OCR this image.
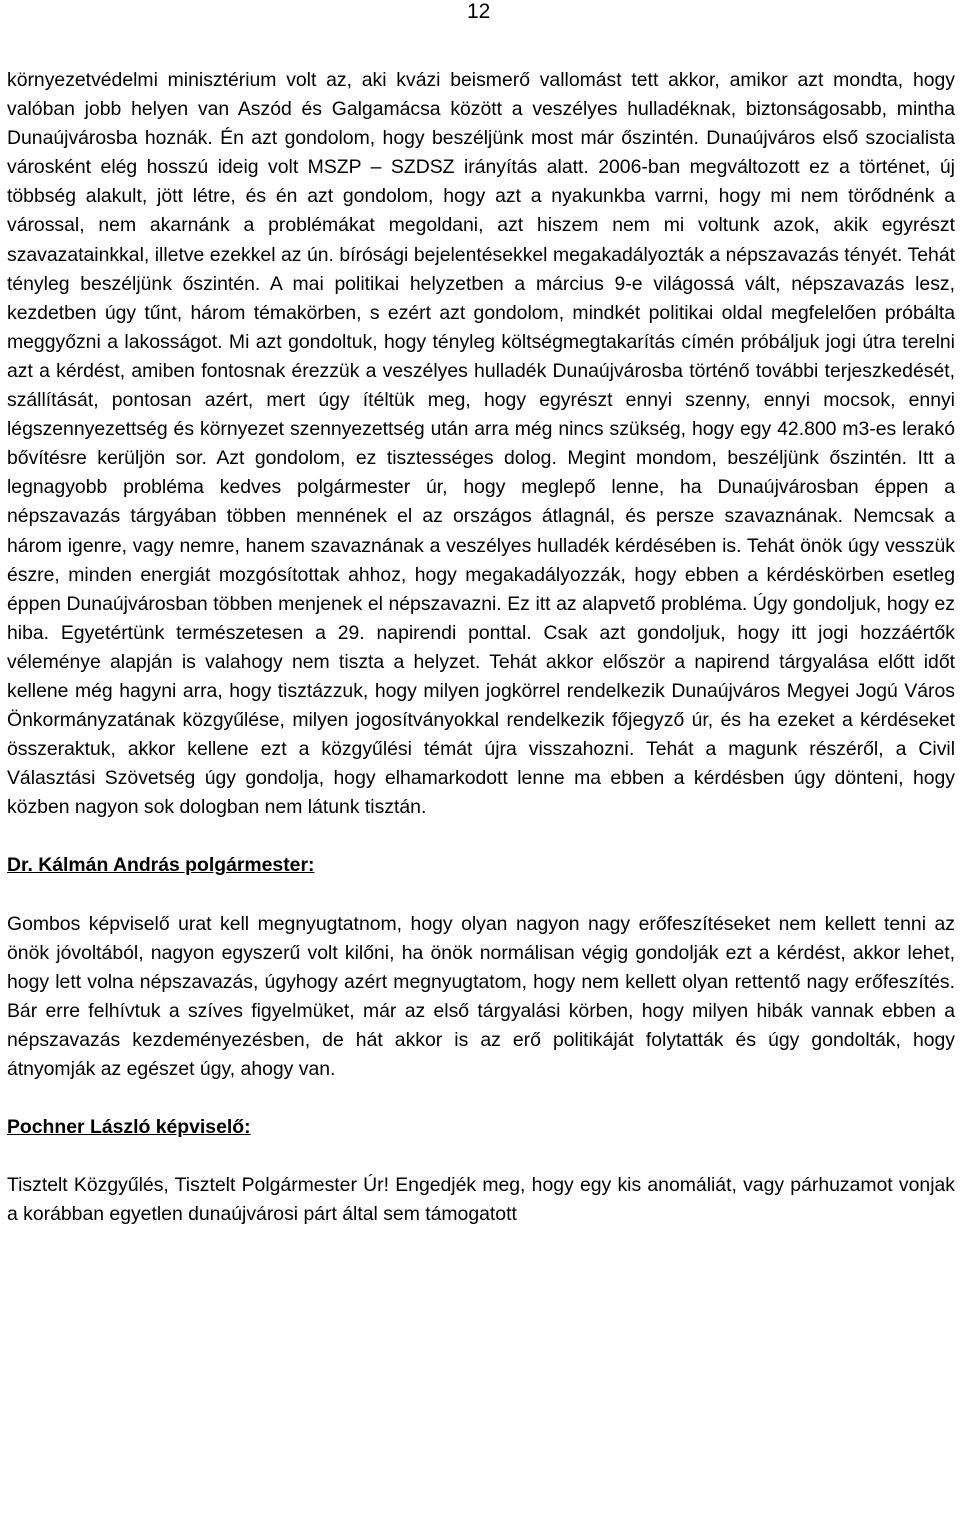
12

környezetvédelmi minisztérium volt az, aki kvázi beismerő vallomást tett akkor, amikor azt mondta, hogy valóban jobb helyen van Aszód és Galgamácsa között a veszélyes hulladéknak, biztonságosabb, mintha Dunaújvárosba hoznák. Én azt gondolom, hogy beszéljünk most már őszintén. Dunaújváros első szocialista városként elég hosszú ideig volt MSZP – SZDSZ irányítás alatt. 2006-ban megváltozott ez a történet, új többség alakult, jött létre, és én azt gondolom, hogy azt a nyakunkba varrni, hogy mi nem törődnénk a várossal, nem akarnánk a problémákat megoldani, azt hiszem nem mi voltunk azok, akik egyrészt szavazatainkkal, illetve ezekkel az ún. bírósági bejelentésekkel megakadályozták a népszavazás tényét. Tehát tényleg beszéljünk őszintén. A mai politikai helyzetben a március 9-e világossá vált, népszavazás lesz, kezdetben úgy tűnt, három témakörben, s ezért azt gondolom, mindkét politikai oldal megfelelően próbálta meggyőzni a lakosságot. Mi azt gondoltuk, hogy tényleg költségmegtakarítás címén próbáljuk jogi útra terelni azt a kérdést, amiben fontosnak érezzük a veszélyes hulladék Dunaújvárosba történő további terjeszkedését, szállítását, pontosan azért, mert úgy ítéltük meg, hogy egyrészt ennyi szenny, ennyi mocsok, ennyi légszennyezettség és környezet szennyezettség után arra még nincs szükség, hogy egy 42.800 m3-es lerakó bővítésre kerüljön sor. Azt gondolom, ez tisztességes dolog. Megint mondom, beszéljünk őszintén. Itt a legnagyobb probléma kedves polgármester úr, hogy meglepő lenne, ha Dunaújvárosban éppen a népszavazás tárgyában többen mennének el az országos átlagnál, és persze szavaznának. Nemcsak a három igenre, vagy nemre, hanem szavaznának a veszélyes hulladék kérdésében is. Tehát önök úgy vesszük észre, minden energiát mozgósítottak ahhoz, hogy megakadályozzák, hogy ebben a kérdéskörben esetleg éppen Dunaújvárosban többen menjenek el népszavazni. Ez itt az alapvető probléma. Úgy gondoljuk, hogy ez hiba. Egyetértünk természetesen a 29. napirendi ponttal. Csak azt gondoljuk, hogy itt jogi hozzáértők véleménye alapján is valahogy nem tiszta a helyzet. Tehát akkor először a napirend tárgyalása előtt időt kellene még hagyni arra, hogy tisztázzuk, hogy milyen jogkörrel rendelkezik Dunaújváros Megyei Jogú Város Önkormányzatának közgyűlése, milyen jogosítványokkal rendelkezik főjegyző úr, és ha ezeket a kérdéseket összeraktuk, akkor kellene ezt a közgyűlési témát újra visszahozni. Tehát a magunk részéről, a Civil Választási Szövetség úgy gondolja, hogy elhamarkodott lenne ma ebben a kérdésben úgy dönteni, hogy közben nagyon sok dologban nem látunk tisztán.

Dr. Kálmán András polgármester:

Gombos képviselő urat kell megnyugtatnom, hogy olyan nagyon nagy erőfeszítéseket nem kellett tenni az önök jóvoltából, nagyon egyszerű volt kilőni, ha önök normálisan végig gondolják ezt a kérdést, akkor lehet, hogy lett volna népszavazás, úgyhogy azért megnyugtatom, hogy nem kellett olyan rettentő nagy erőfeszítés. Bár erre felhívtuk a szíves figyelmüket, már az első tárgyalási körben, hogy milyen hibák vannak ebben a népszavazás kezdeményezésben, de hát akkor is az erő politikáját folytatták és úgy gondolták, hogy átnyomják az egészet úgy, ahogy van.

Pochner László képviselő:

Tisztelt Közgyűlés, Tisztelt Polgármester Úr! Engedjék meg, hogy egy kis anomáliát, vagy párhuzamot vonjak a korábban egyetlen dunaújvárosi párt által sem támogatott
